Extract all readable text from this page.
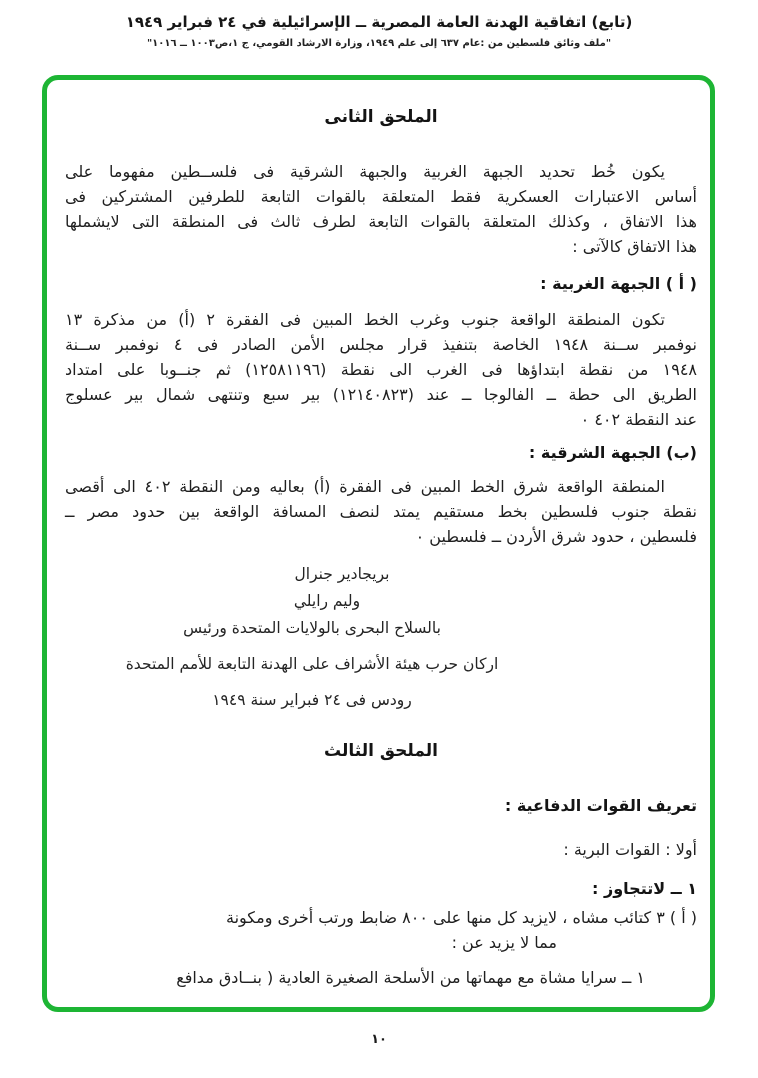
(تابع) اتفاقية الهدنة العامة المصرية ــ الإسرائيلية في ٢٤ فبراير ١٩٤٩
"ملف وثائق فلسطين من :عام ٦٣٧ إلى علم ١٩٤٩، وزارة الارشاد القومي، ج ١،ص١٠٠٣ ــ ١٠١٦"
الملحق الثانى
يكون خُط تحديد الجبهة الغربية والجبهة الشرقية فى فلســطين مفهوما على
أساس الاعتبارات العسكرية فقط المتعلقة بالقوات التابعة للطرفين المشتركين فى
هذا الاتفاق ، وكذلك المتعلقة بالقوات التابعة لطرف ثالث فى المنطقة التى لايشملها
هذا الاتفاق كالآتى :
( أ ) الجبهة الغربية :
تكون المنطقة الواقعة جنوب وغرب الخط المبين فى الفقرة ٢ (أ) من مذكرة ١٣
نوفمبر ســنة ١٩٤٨ الخاصة بتنفيذ قرار مجلس الأمن الصادر فى ٤ نوفمبر ســنة
١٩٤٨ من نقطة ابتداؤها فى الغرب الى نقطة (١٢٥٨١١٩٦) ثم جنــوبا على امتداد
الطريق الى حطة ــ الفالوجا ــ عند (١٢١٤٠٨٢٣) بير سبع وتنتهى شمال بير عسلوج
عند النقطة ٤٠٢ ٠
(ب) الجبهة الشرقية :
المنطقة الواقعة شرق الخط المبين فى الفقرة (أ) بعاليه ومن النقطة ٤٠٢ الى أقصى
نقطة جنوب فلسطين بخط مستقيم يمتد لنصف المسافة الواقعة بين حدود مصر ــ
فلسطين ، حدود شرق الأردن ــ فلسطين ٠
بريجادير جنرال
وليم رايلي
بالسلاح البحرى بالولايات المتحدة ورئيس
اركان حرب هيئة الأشراف على الهدنة التابعة للأمم المتحدة
رودس فى ٢٤ فبراير سنة ١٩٤٩
الملحق الثالث
تعريف القوات الدفاعية :
أولا : القوات البرية :
١ ــ لاتتجاوز :
( أ ) ٣ كتائب مشاه ، لايزيد كل منها على ٨٠٠ ضابط ورتب أخرى ومكونة
مما لا يزيد عن :
١ ــ سرايا مشاة مع مهماتها من الأسلحة الصغيرة العادية ( بنــادق مدافع
١٠
